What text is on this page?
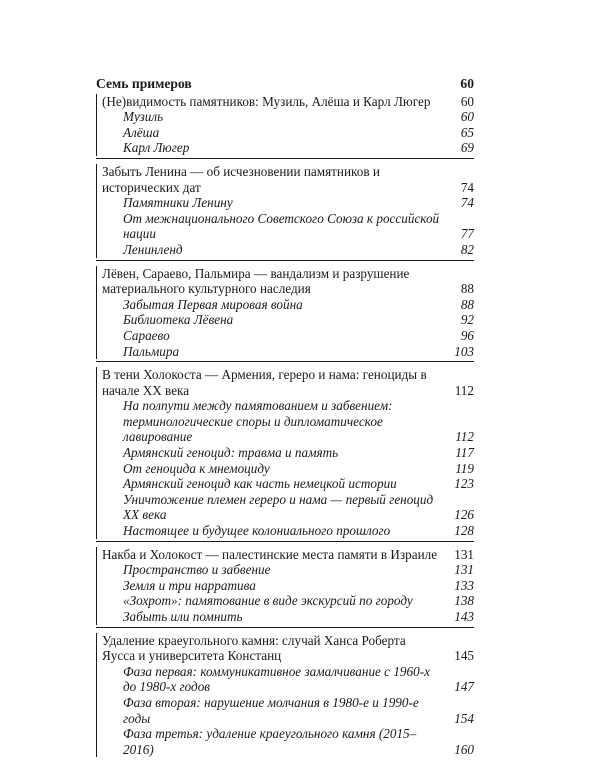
Семь примеров	60
(Не)видимость памятников: Музиль, Алёша и Карл Люгер	60
Музиль	60
Алёша	65
Карл Люгер	69
Забыть Ленина — об исчезновении памятников и исторических дат	74
Памятники Ленину	74
От межнационального Советского Союза к российской нации	77
Ленинленд	82
Лёвен, Сараево, Пальмира — вандализм и разрушение материального культурного наследия	88
Забытая Первая мировая война	88
Библиотека Лёвена	92
Сараево	96
Пальмира	103
В тени Холокоста — Армения, герeро и нама: геноциды в начале XX века	112
На полпути между памятованием и забвением: терминологические споры и дипломатическое лавирование	112
Армянский геноцид: травма и память	117
От геноцида к мнемоциду	119
Армянский геноцид как часть немецкой истории	123
Уничтожение племен гереро и нама — первый геноцид XX века	126
Настоящее и будущее колониального прошлого	128
Накба и Холокост — палестинские места памяти в Израиле	131
Пространство и забвение	131
Земля и три нарратива	133
«Зохрот»: памятование в виде экскурсий по городу	138
Забыть или помнить	143
Удаление краеугольного камня: случай Ханса Роберта Яусса и университета Констанц	145
Фаза первая: коммуникативное замалчивание с 1960-х до 1980-х годов	147
Фаза вторая: нарушение молчания в 1980-е и 1990-е годы	154
Фаза третья: удаление краеугольного камня (2015–2016)	160
